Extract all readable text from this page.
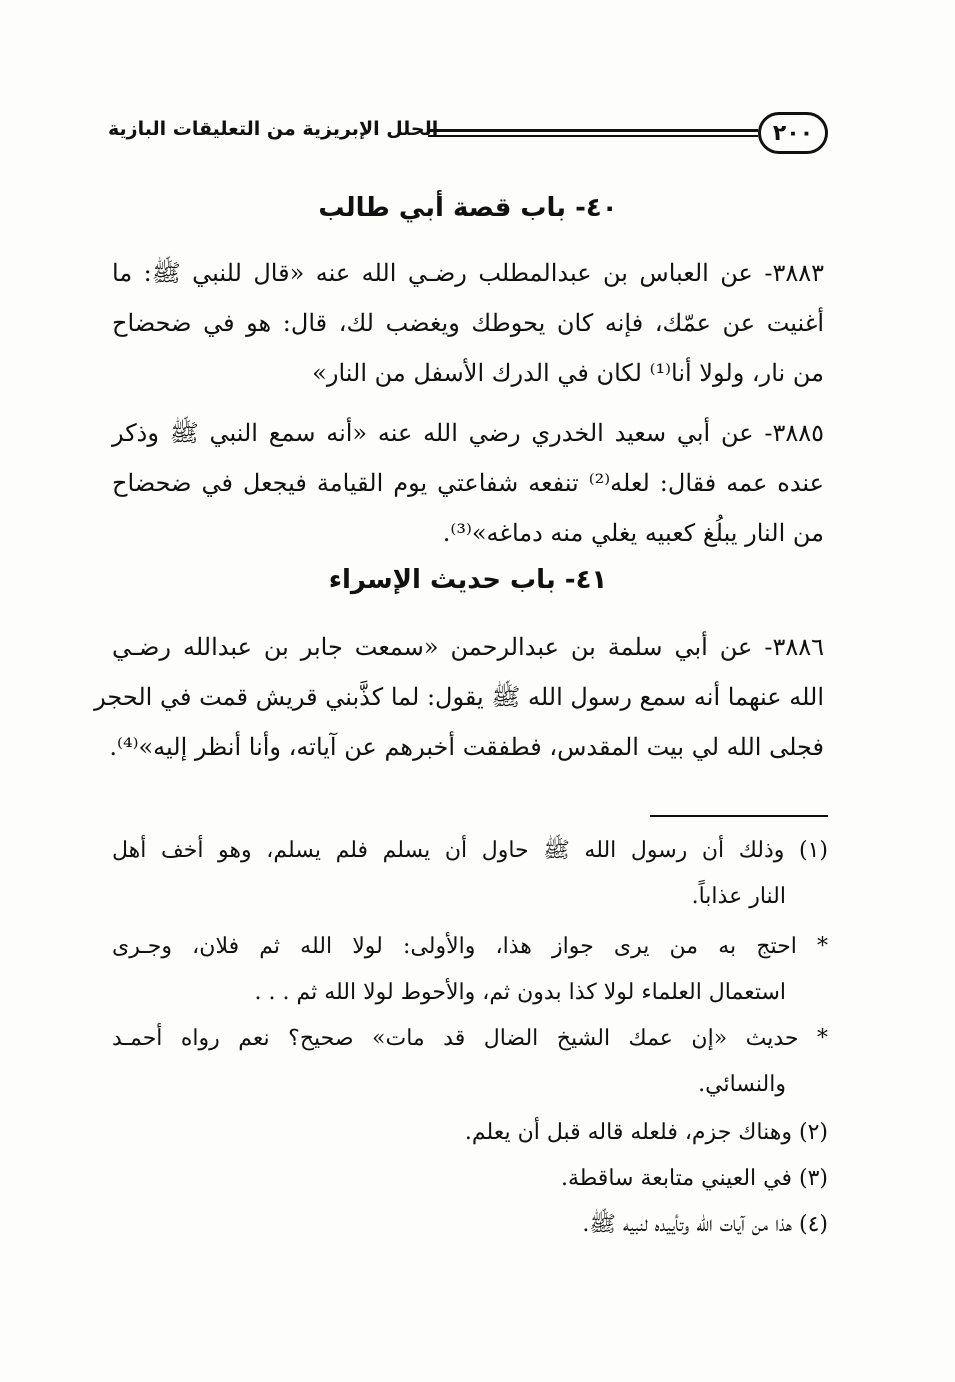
٢٠٠
الحلل الإبريزية من التعليقات البازية
٤٠- باب قصة أبي طالب
٣٨٨٣- عن العباس بن عبدالمطلب رضـي الله عنه «قال للنبي ﷺ: ما
أغنيت عن عمّك، فإنه كان يحوطك ويغضب لك، قال: هو في ضحضاح
من نار، ولولا أنا⁽¹⁾ لكان في الدرك الأسفل من النار»
٣٨٨٥- عن أبي سعيد الخدري رضي الله عنه «أنه سمع النبي ﷺ وذكر
عنده عمه فقال: لعله⁽²⁾ تنفعه شفاعتي يوم القيامة فيجعل في ضحضاح
من النار يبلُغ كعبيه يغلي منه دماغه»⁽³⁾.
٤١- باب حديث الإسراء
٣٨٨٦- عن أبي سلمة بن عبدالرحمن «سمعت جابر بن عبدالله رضـي
الله عنهما أنه سمع رسول الله ﷺ يقول: لما كذَّبني قريش قمت في الحجر
فجلى الله لي بيت المقدس، فطفقت أخبرهم عن آياته، وأنا أنظر إليه»⁽⁴⁾.
(١) وذلك أن رسول الله ﷺ حاول أن يسلم فلم يسلم، وهو أخف أهل
النار عذاباً.
* احتج به من يرى جواز هذا، والأولى: لولا الله ثم فلان، وجـرى
استعمال العلماء لولا كذا بدون ثم، والأحوط لولا الله ثم . . .
* حديث «إن عمك الشيخ الضال قد مات» صحيح؟ نعم رواه أحمـد
والنسائي.
(٢) وهناك جزم، فلعله قاله قبل أن يعلم.
(٣) في العيني متابعة ساقطة.
(٤) هذا من آيات الله وتأييده لنبيه ﷺ.
